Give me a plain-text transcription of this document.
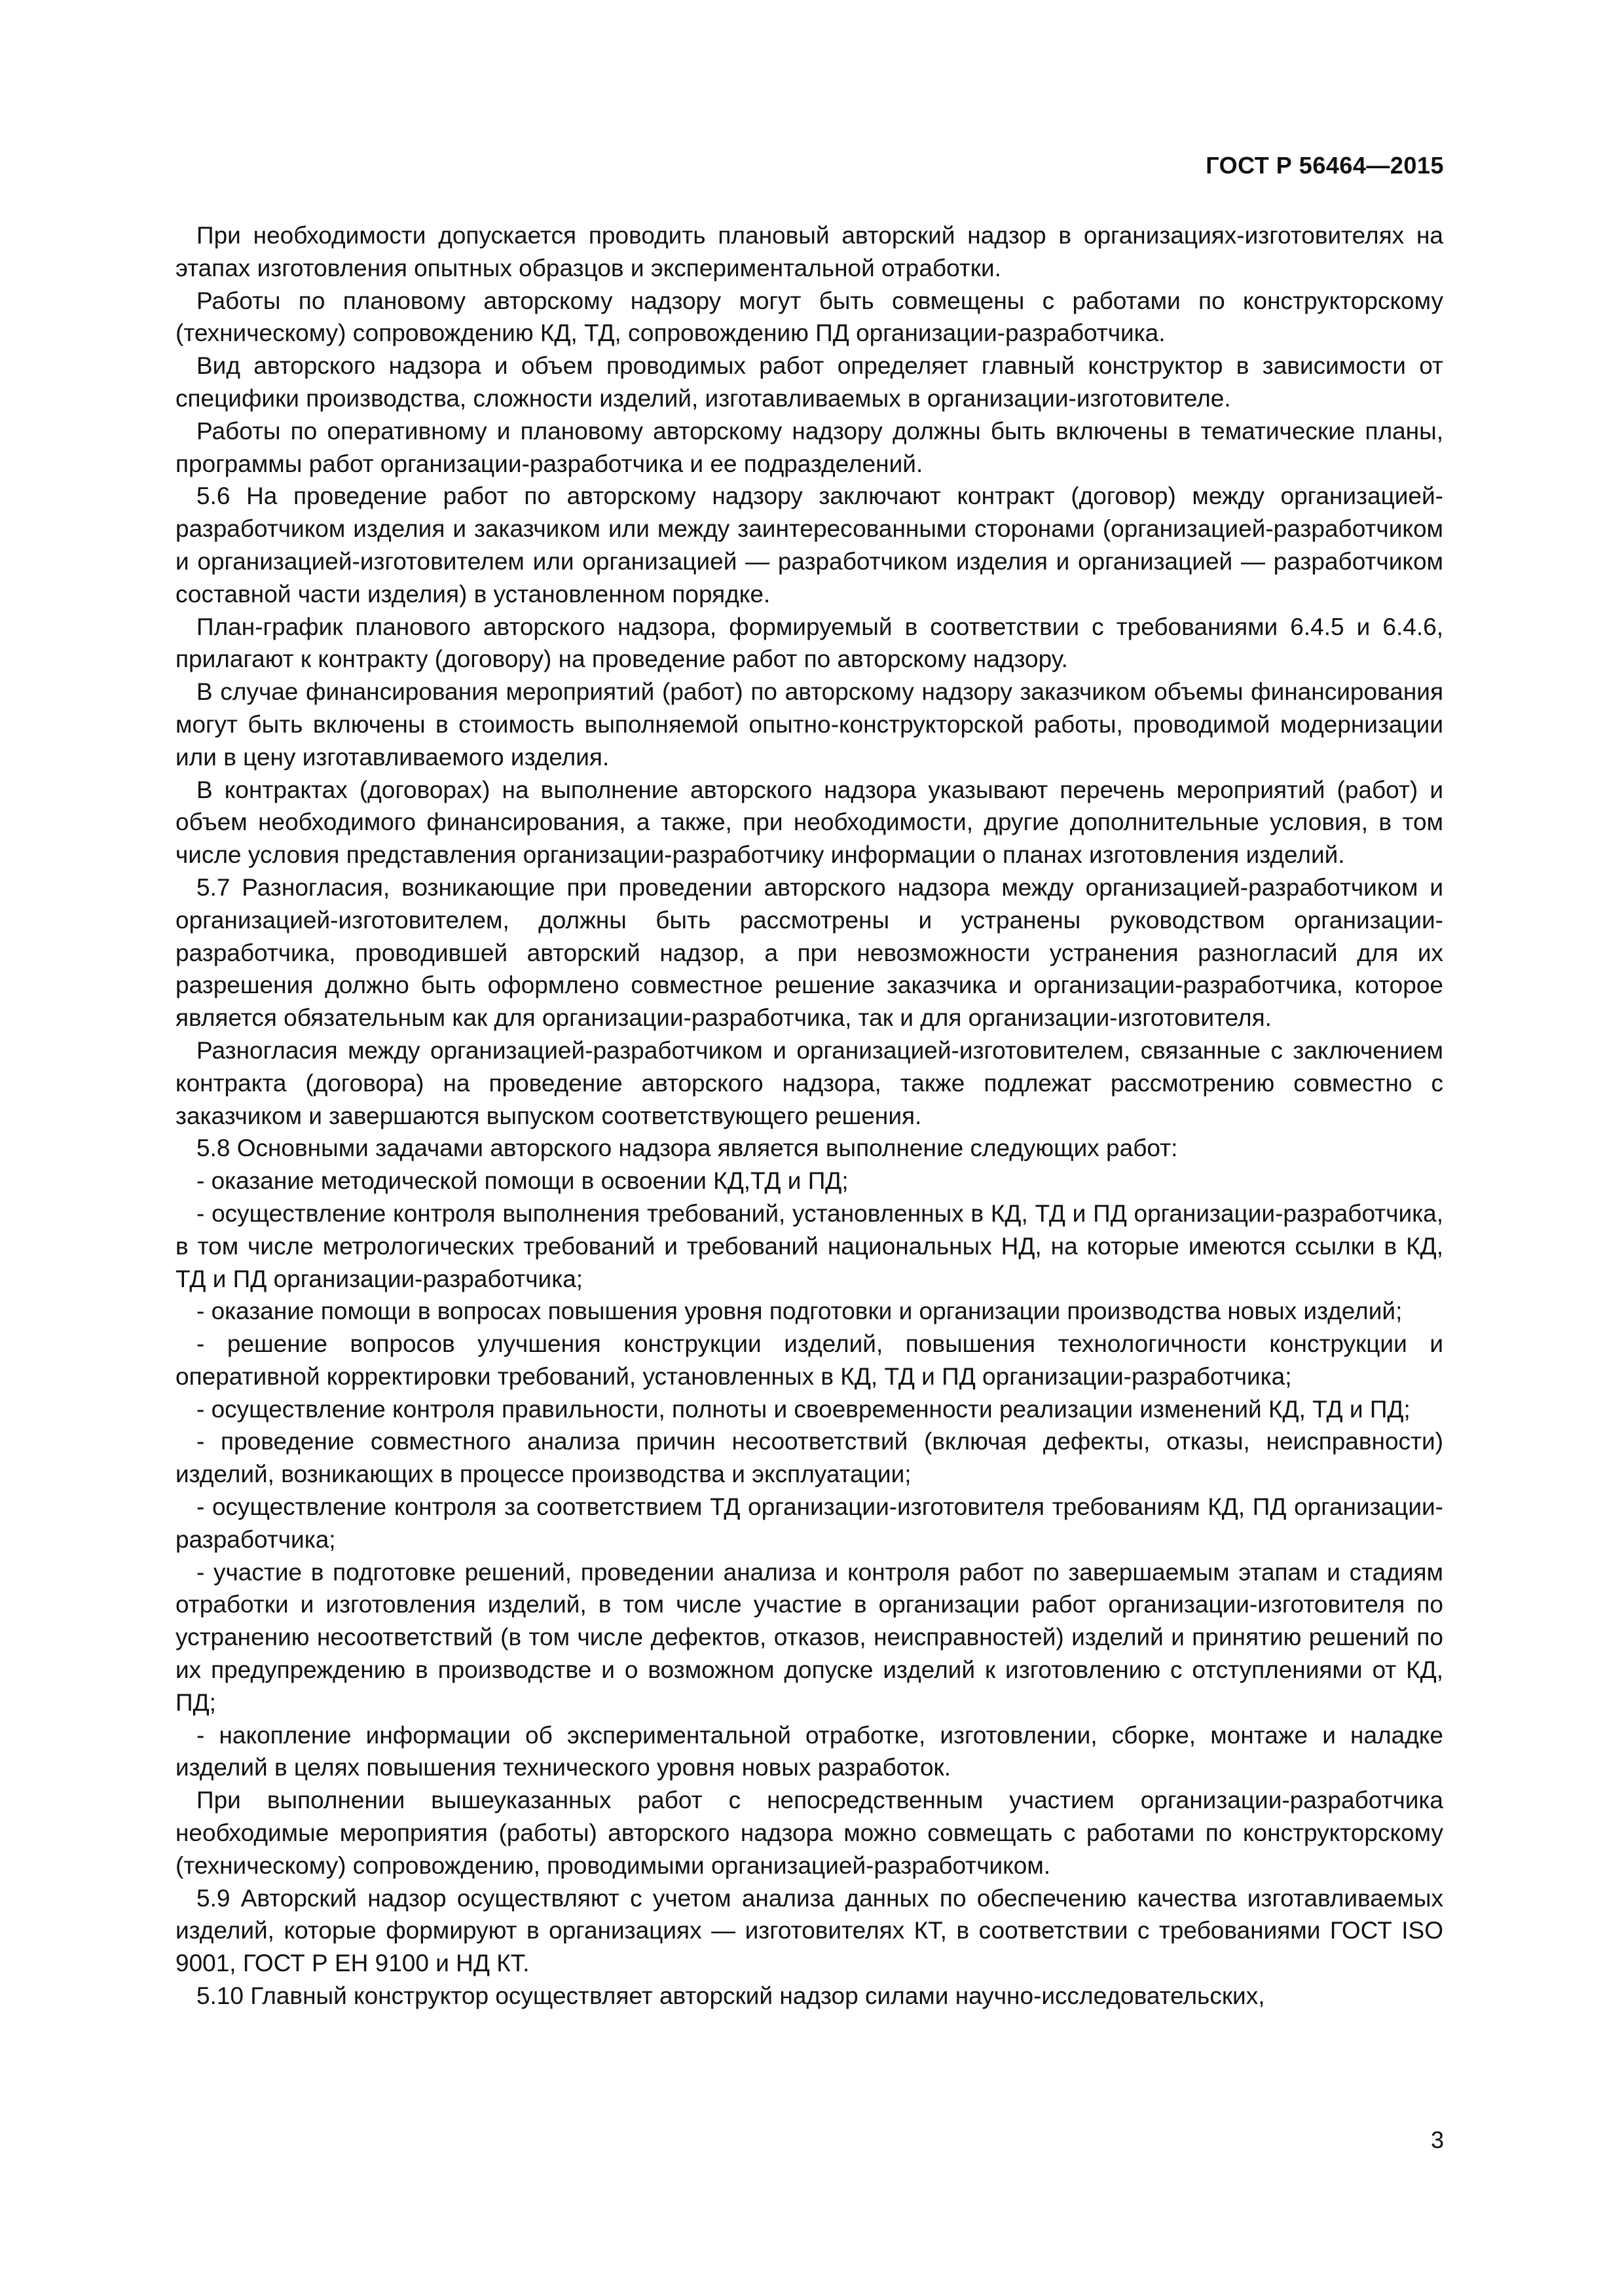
ГОСТ Р 56464—2015

При необходимости допускается проводить плановый авторский надзор в организациях-изготовителях на этапах изготовления опытных образцов и экспериментальной отработки.

Работы по плановому авторскому надзору могут быть совмещены с работами по конструкторскому (техническому) сопровождению КД, ТД, сопровождению ПД организации-разработчика.

Вид авторского надзора и объем проводимых работ определяет главный конструктор в зависимости от специфики производства, сложности изделий, изготавливаемых в организации-изготовителе.

Работы по оперативному и плановому авторскому надзору должны быть включены в тематические планы, программы работ организации-разработчика и ее подразделений.

5.6 На проведение работ по авторскому надзору заключают контракт (договор) между организацией-разработчиком изделия и заказчиком или между заинтересованными сторонами (организацией-разработчиком и организацией-изготовителем или организацией — разработчиком изделия и организацией — разработчиком составной части изделия) в установленном порядке.

План-график планового авторского надзора, формируемый в соответствии с требованиями 6.4.5 и 6.4.6, прилагают к контракту (договору) на проведение работ по авторскому надзору.

В случае финансирования мероприятий (работ) по авторскому надзору заказчиком объемы финансирования могут быть включены в стоимость выполняемой опытно-конструкторской работы, проводимой модернизации или в цену изготавливаемого изделия.

В контрактах (договорах) на выполнение авторского надзора указывают перечень мероприятий (работ) и объем необходимого финансирования, а также, при необходимости, другие дополнительные условия, в том числе условия представления организации-разработчику информации о планах изготовления изделий.

5.7 Разногласия, возникающие при проведении авторского надзора между организацией-разработчиком и организацией-изготовителем, должны быть рассмотрены и устранены руководством организации-разработчика, проводившей авторский надзор, а при невозможности устранения разногласий для их разрешения должно быть оформлено совместное решение заказчика и организации-разработчика, которое является обязательным как для организации-разработчика, так и для организации-изготовителя.

Разногласия между организацией-разработчиком и организацией-изготовителем, связанные с заключением контракта (договора) на проведение авторского надзора, также подлежат рассмотрению совместно с заказчиком и завершаются выпуском соответствующего решения.

5.8 Основными задачами авторского надзора является выполнение следующих работ:

- оказание методической помощи в освоении КД,ТД и ПД;

- осуществление контроля выполнения требований, установленных в КД, ТД и ПД организации-разработчика, в том числе метрологических требований и требований национальных НД, на которые имеются ссылки в КД, ТД и ПД организации-разработчика;

- оказание помощи в вопросах повышения уровня подготовки и организации производства новых изделий;

- решение вопросов улучшения конструкции изделий, повышения технологичности конструкции и оперативной корректировки требований, установленных в КД, ТД и ПД организации-разработчика;

- осуществление контроля правильности, полноты и своевременности реализации изменений КД, ТД и ПД;

- проведение совместного анализа причин несоответствий (включая дефекты, отказы, неисправности) изделий, возникающих в процессе производства и эксплуатации;

- осуществление контроля за соответствием ТД организации-изготовителя требованиям КД, ПД организации-разработчика;

- участие в подготовке решений, проведении анализа и контроля работ по завершаемым этапам и стадиям отработки и изготовления изделий, в том числе участие в организации работ организации-изготовителя по устранению несоответствий (в том числе дефектов, отказов, неисправностей) изделий и принятию решений по их предупреждению в производстве и о возможном допуске изделий к изготовлению с отступлениями от КД, ПД;

- накопление информации об экспериментальной отработке, изготовлении, сборке, монтаже и наладке изделий в целях повышения технического уровня новых разработок.

При выполнении вышеуказанных работ с непосредственным участием организации-разработчика необходимые мероприятия (работы) авторского надзора можно совмещать с работами по конструкторскому (техническому) сопровождению, проводимыми организацией-разработчиком.

5.9 Авторский надзор осуществляют с учетом анализа данных по обеспечению качества изготавливаемых изделий, которые формируют в организациях — изготовителях КТ, в соответствии с требованиями ГОСТ ISO 9001, ГОСТ Р ЕН 9100 и НД КТ.

5.10 Главный конструктор осуществляет авторский надзор силами научно-исследовательских,

3
